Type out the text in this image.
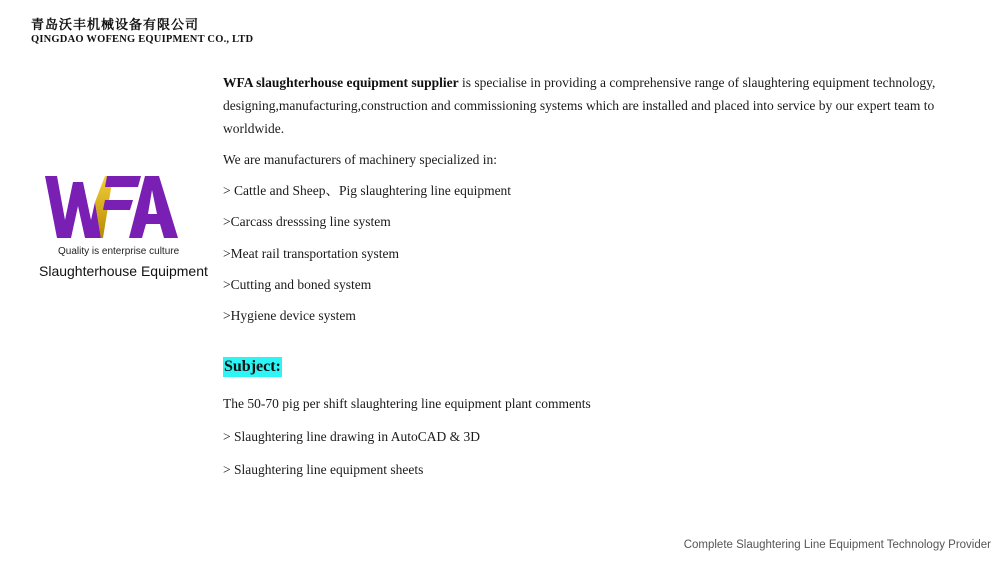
青岛沃丰机械设备有限公司
QINGDAO WOFENG EQUIPMENT CO., LTD
Quality is enterprise culture
Slaughterhouse Equipment

WFA slaughterhouse equipment supplier is specialise in providing a comprehensive range of slaughtering equipment technology, designing,manufacturing,construction and commissioning systems which are installed and placed into service by our expert team to worldwide.

We are manufacturers of machinery specialized in:

> Cattle and Sheep、Pig slaughtering line equipment

>Carcass dresssing line system

>Meat rail transportation system

>Cutting and boned system

>Hygiene device system

Subject:

The 50-70 pig per shift slaughtering line equipment plant comments

> Slaughtering line drawing in AutoCAD & 3D

> Slaughtering line equipment sheets

Complete Slaughtering Line Equipment Technology Provider
